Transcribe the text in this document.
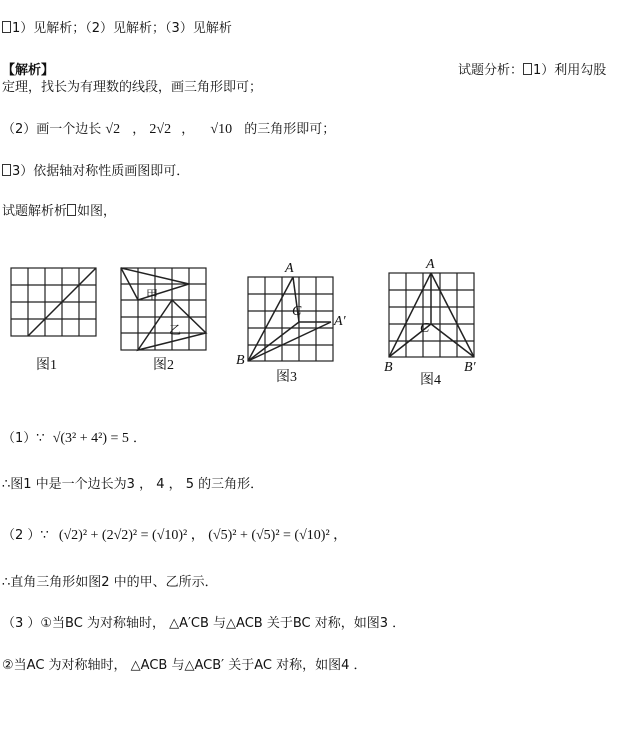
1）见解析；（2）见解析；（3）见解析
【解析】	试题分析： 1）利用勾股
定理，找长为有理数的线段，画三角形即可；
（2）画一个边长 √2 ， 2√2 ， √10 的三角形即可；
3）依据轴对称性质画图即可．
试题解析析 如图，
图1
甲
乙
图2
A
C
A′
B
图3
A
C
B	B′
图4
（1）∵ √(3² + 4²) = 5 ．
∴图1 中是一个边长为3 ， 4 ， 5 的三角形．
（2 ）∵ (√2)² + (2√2)² = (√10)² ， (√5)² + (√5)² = (√10)² ，
∴直角三角形如图2 中的甲、乙所示．
（3 ）①当BC 为对称轴时， △A′CB 与△ACB 关于BC 对称，如图3 ．
②当AC 为对称轴时， △ACB 与△ACB′ 关于AC 对称，如图4 ．
